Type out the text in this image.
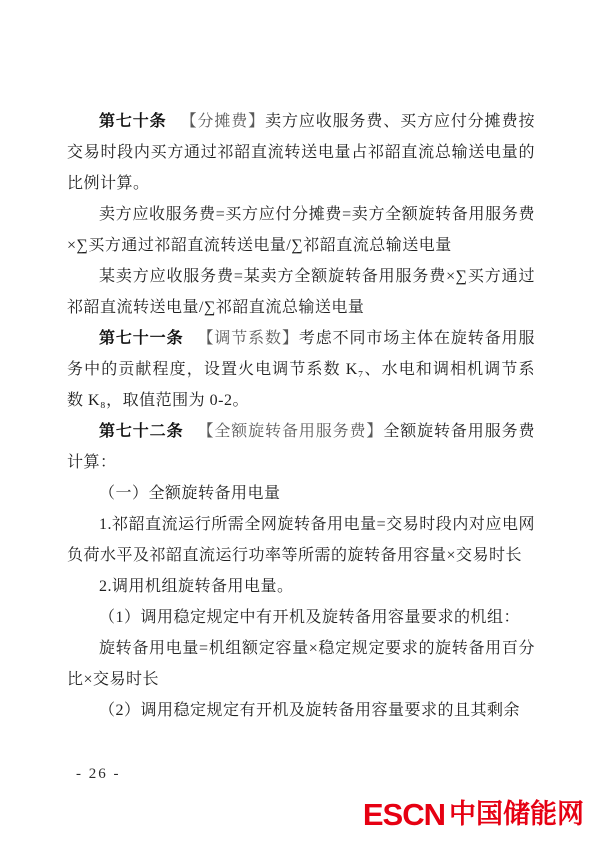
第七十条 【分摊费】卖方应收服务费、买方应付分摊费按交易时段内买方通过祁韶直流转送电量占祁韶直流总输送电量的比例计算。

卖方应收服务费=买方应付分摊费=卖方全额旋转备用服务费×∑买方通过祁韶直流转送电量/∑祁韶直流总输送电量

某卖方应收服务费=某卖方全额旋转备用服务费×∑买方通过祁韶直流转送电量/∑祁韶直流总输送电量

第七十一条 【调节系数】考虑不同市场主体在旋转备用服务中的贡献程度，设置火电调节系数 K₇、水电和调相机调节系数 K₈，取值范围为 0-2。

第七十二条 【全额旋转备用服务费】全额旋转备用服务费计算：

（一）全额旋转备用电量

1.祁韶直流运行所需全网旋转备用电量=交易时段内对应电网负荷水平及祁韶直流运行功率等所需的旋转备用容量×交易时长

2.调用机组旋转备用电量。

（1）调用稳定规定中有开机及旋转备用容量要求的机组：

旋转备用电量=机组额定容量×稳定规定要求的旋转备用百分比×交易时长

（2）调用稳定规定有开机及旋转备用容量要求的且其剩余

- 26 -
ESCN 中国储能网
